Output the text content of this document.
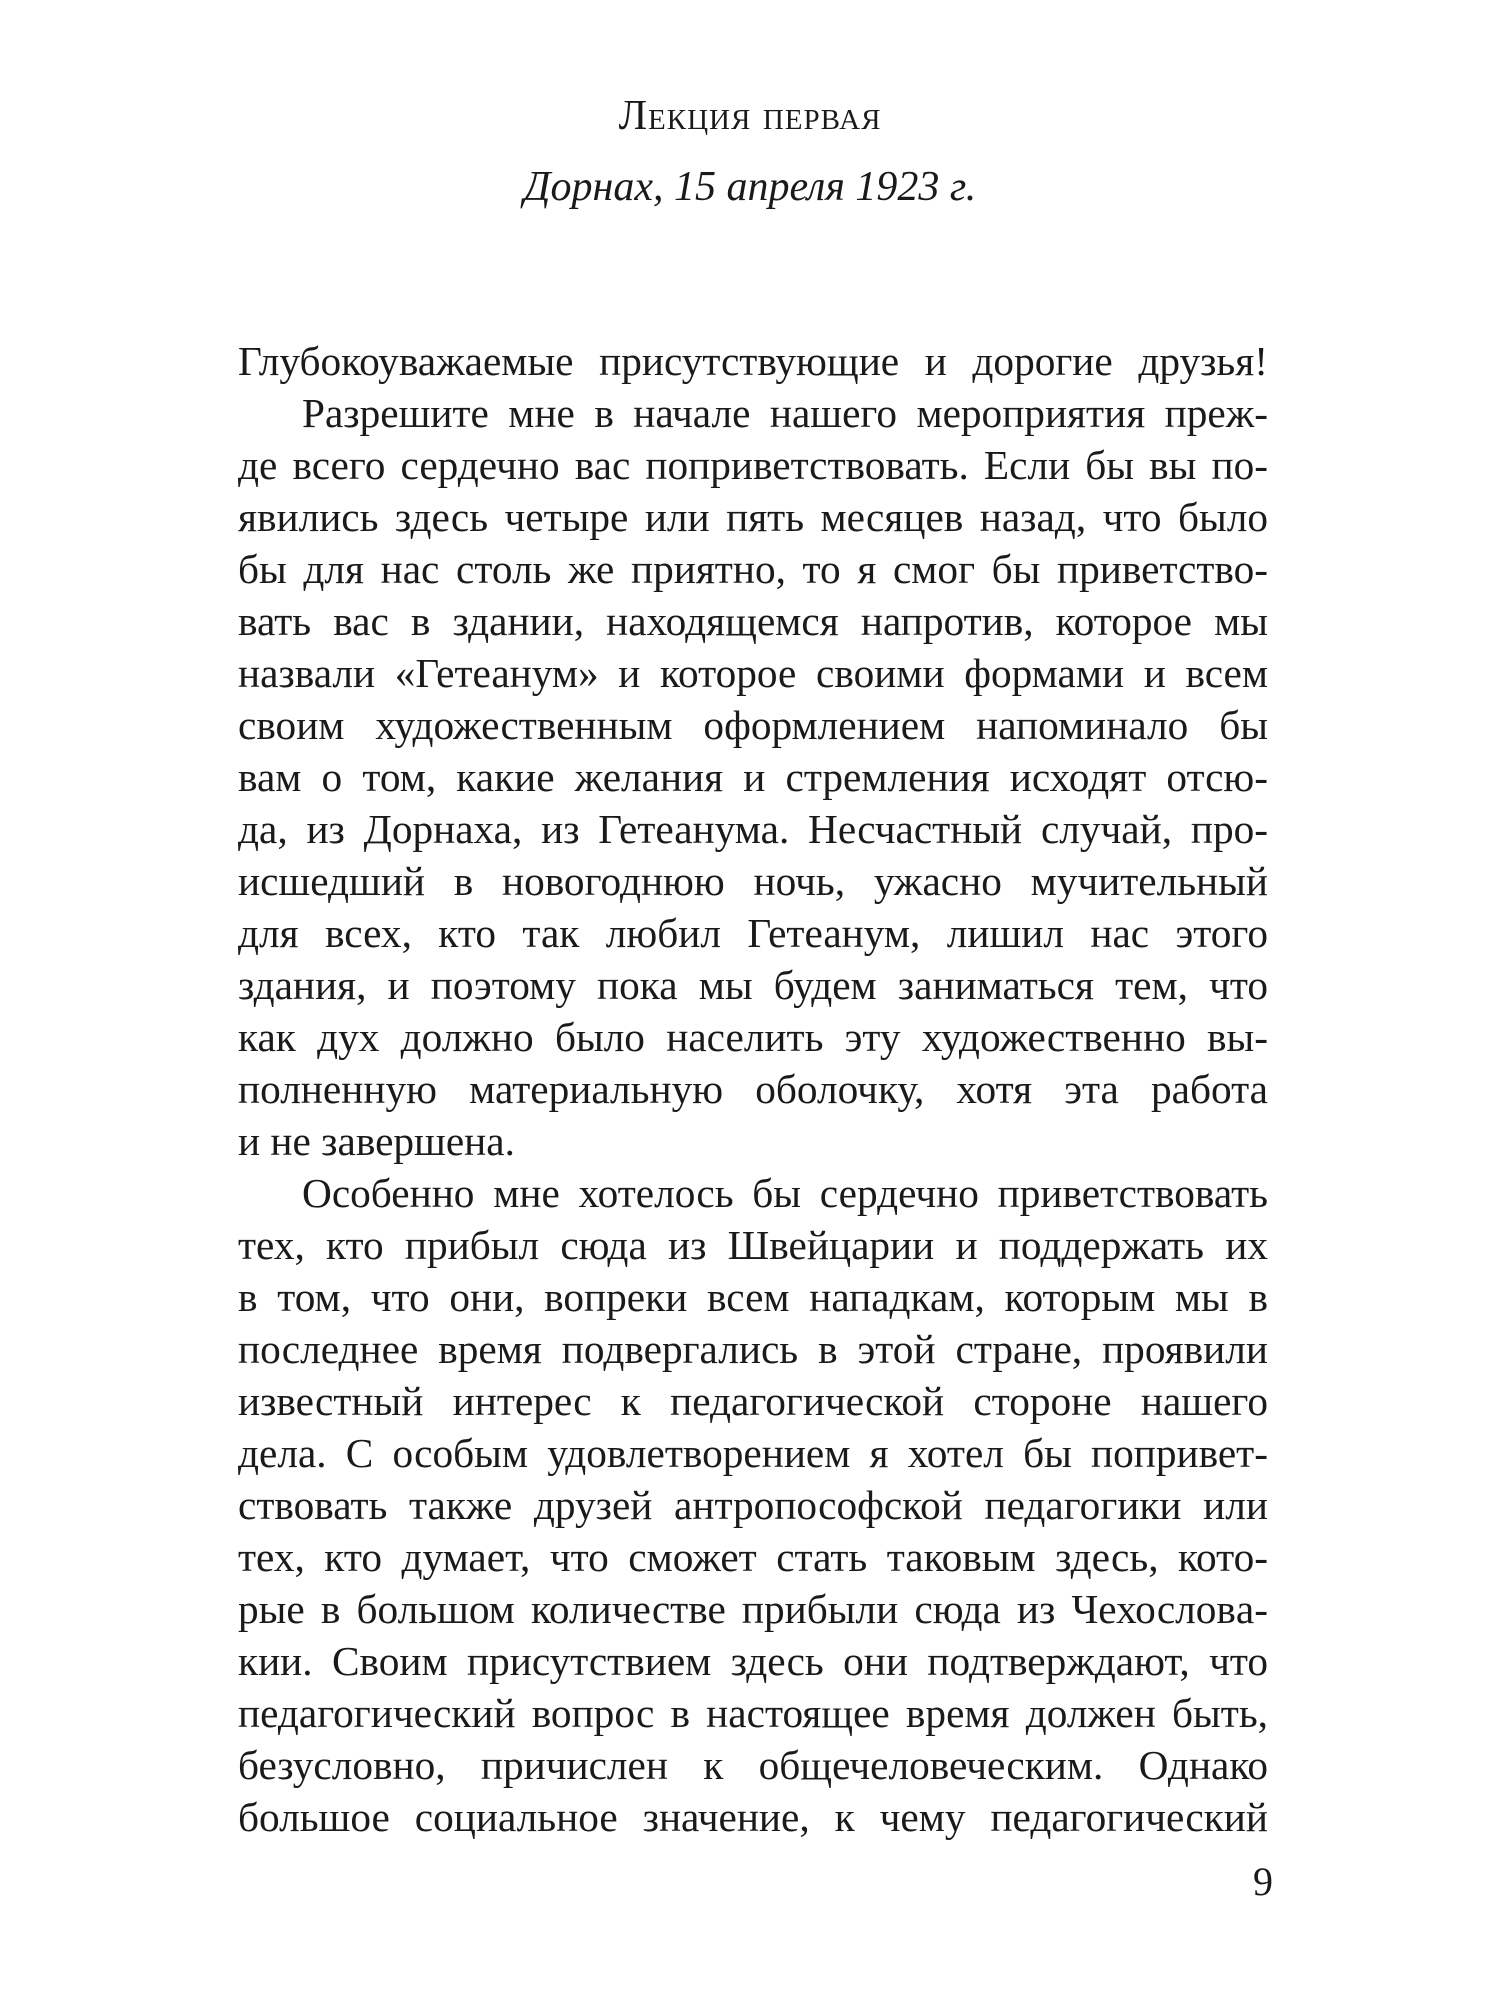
Лекция первая
Дорнах, 15 апреля 1923 г.
Глубокоуважаемые присутствующие и дорогие друзья!
Разрешите мне в начале нашего мероприятия преж-
де всего сердечно вас поприветствовать. Если бы вы по-
явились здесь четыре или пять месяцев назад, что было
бы для нас столь же приятно, то я смог бы приветство-
вать вас в здании, находящемся напротив, которое мы
назвали «Гетеанум» и которое своими формами и всем
своим художественным оформлением напоминало бы
вам о том, какие желания и стремления исходят отсю-
да, из Дорнаха, из Гетеанума. Несчастный случай, про-
исшедший в новогоднюю ночь, ужасно мучительный
для всех, кто так любил Гетеанум, лишил нас этого
здания, и поэтому пока мы будем заниматься тем, что
как дух должно было населить эту художественно вы-
полненную материальную оболочку, хотя эта работа
и не завершена.
Особенно мне хотелось бы сердечно приветствовать
тех, кто прибыл сюда из Швейцарии и поддержать их
в том, что они, вопреки всем нападкам, которым мы в
последнее время подвергались в этой стране, проявили
известный интерес к педагогической стороне нашего
дела. С особым удовлетворением я хотел бы попривет-
ствовать также друзей антропософской педагогики или
тех, кто думает, что сможет стать таковым здесь, кото-
рые в большом количестве прибыли сюда из Чехословa-
кии. Своим присутствием здесь они подтверждают, что
педагогический вопрос в настоящее время должен быть,
безусловно, причислен к общечеловеческим. Однако
большое социальное значение, к чему педагогический
9
